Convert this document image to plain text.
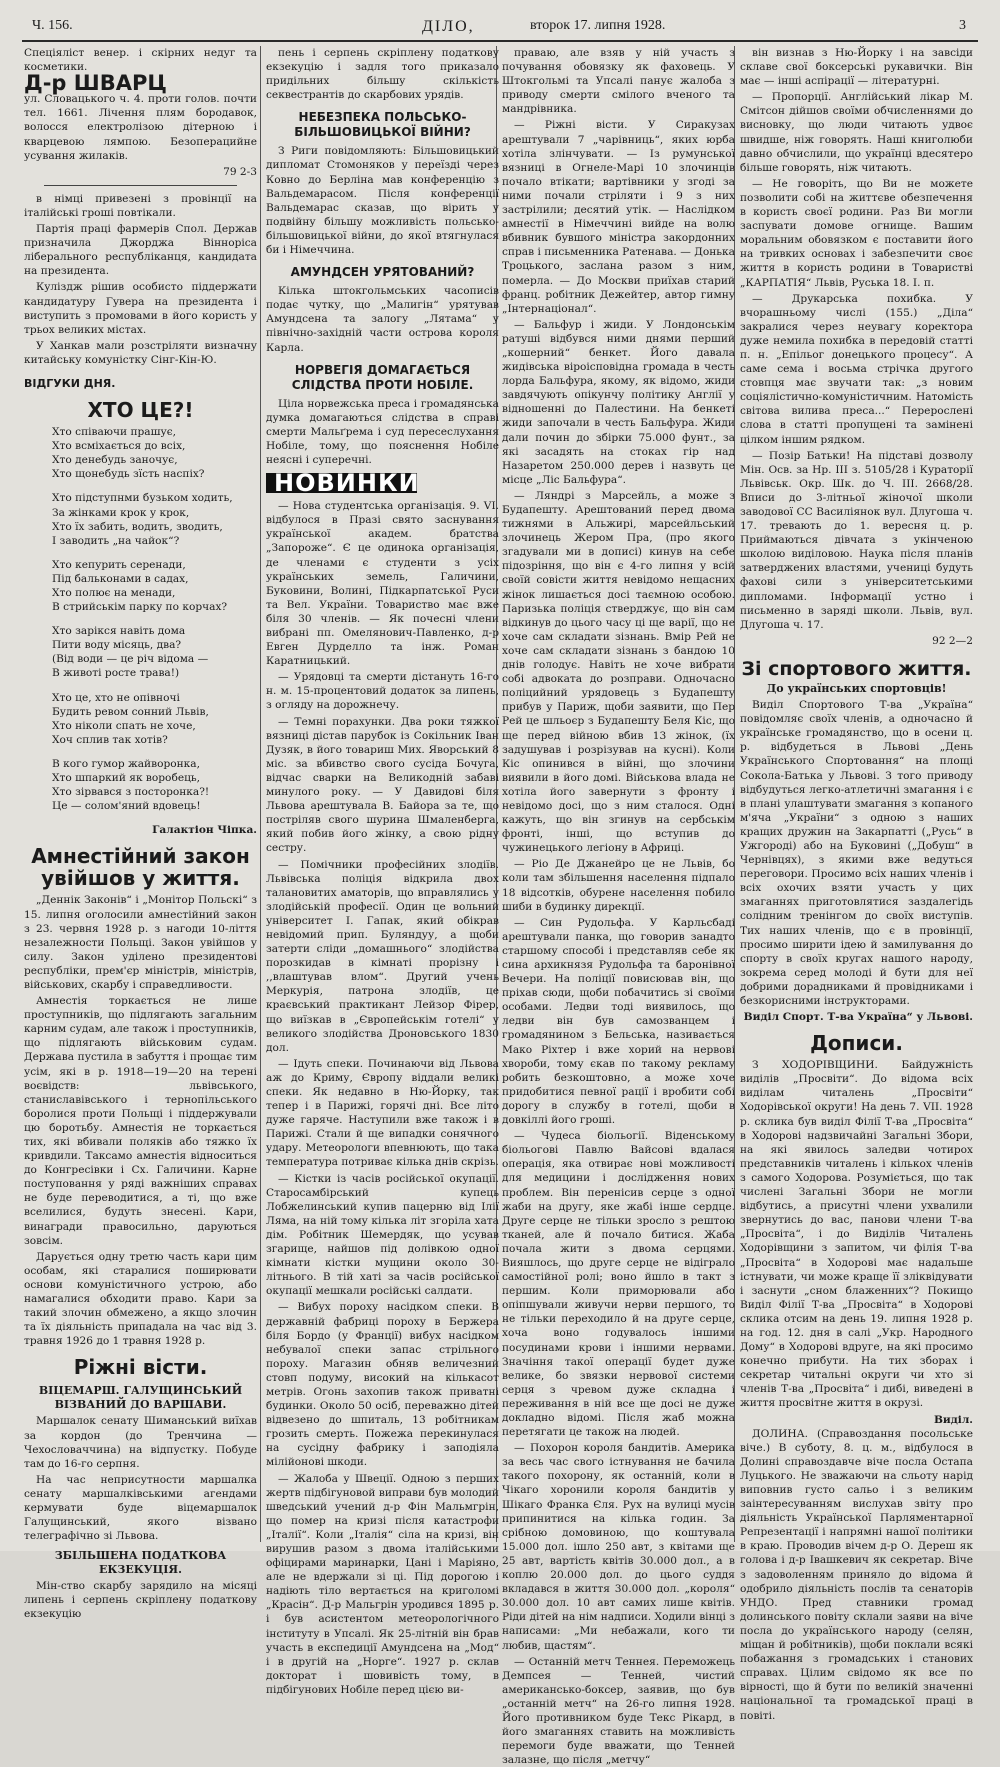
Ч. 156.	ДІЛО,	второк 17. липня 1928.	3

Спеціяліст венер. і скірних недуг та косметики.

Д-р ШВАРЦ

ул. Словацького ч. 4. проти голов. почти тел. 1661. Лічення плям бородавок, волосся електролізою дітерною і кварцевою лямпою. Безоперацийне усування жилаків.

79 2-3

в німці привезені з провінції на італійські гроші повтікали.

Партія праці фармерів Спол. Держав призначила Джорджа Вінноріса ліберального республіканця, кандидата на президента.

Куліздж рішив особисто піддержати кандидатуру Гувера на президента і виступить з промовами в його користь у трьох великих містах.

У Ханкав мали розстріляти визначну китайську комуністку Сінг-Кін-Ю.

ВІДГУКИ ДНЯ.
ХТО ЦЕ?!
Хто співаючи прашує,
Хто всміхається до всіх,
Хто денебудь заночує,
Хто щонебудь зїсть наспіх?
Хто підступнми бузьком ходить,
За жінками крок у крок,
Хто їх забить, водить, зводить,
І заводить „на чайок“?
Хто кепурить серенади,
Під бальконами в садах,
Хто полює на менади,
В стрийськім парку по корчах?
Хто зарікся навіть дома
Пити воду місяць, два?
(Від води — це річ відома —
В животі росте трава!)
Хто це, хто не опівночі
Будить ревом сонний Львів,
Хто ніколи спать не хоче,
Хоч сплив так хотів?
В кого гумор жайворонка,
Хто шпаркий як воробець,
Хто зірвався з посторонка?!
Це — солом'яний вдовець!
Галактіон Чіпка.
Амнестійний закон увійшов у життя.

„Деннік Законів“ і „Монітор Польскі“ з 15. липня оголосили амнестійний закон з 23. червня 1928 р. з нагоди 10-ліття незалежности Польщі. Закон увійшов у силу. Закон уділено президентові республіки, прем'єр міністрів, міністрів, військових, скарбу і справедливости.

Амнестія торкається не лише проступників, що підлягають загальним карним судам, але також і проступників, що підлягають військовим судам. Держава пустила в забуття і прощає тим усім, які в р. 1918—19—20 на терені воєвідств: львівського, станиславівського і тернопільського боролися проти Польщі і піддержували цю боротьбу. Амнестія не торкається тих, які вбивали поляків або тяжко їх кривдили. Таксамо амнестія відноситься до Конгресівки і Сх. Галичини. Карне поступовання у ряді важніших справах не буде переводитися, а ті, що вже вселилися, будуть знесені. Кари, винагради правосильно, даруються зовсім.

Дарується одну третю часть кари цим особам, які старалися поширювати основи комуністичного устрою, або намагалися обходити право. Кари за такий злочин обмежено, а якщо злочин та їх діяльність припадала на час від 3. травня 1926 до 1 травня 1928 р.

Ріжні вісти.
ВІЦЕМАРШ. ГАЛУЩИНСЬКИЙ ВІЗВАНИЙ ДО ВАРШАВИ.

Маршалок сенату Шиманський виїхав за кордон (до Тренчина — Чехословаччина) на відпустку. Побуде там до 16-го серпня.

На час неприсутности маршалка сенату маршалківськими агендами кермувати буде віцемаршалок Галущинський, якого візвано телеграфічно зі Львова.

ЗБІЛЬШЕНА ПОДАТКОВА ЕКЗЕКУЦІЯ.

Мін-ство скарбу зарядило на місяці липень і серпень скріплену податкову екзекуцію

пень і серпень скріплену податкову екзекуцію і задля того приказало придільних більшу скількість секвестрантів до скарбових урядів.

НЕБЕЗПЕКА ПОЛЬСЬКО-БІЛЬШОВИЦЬКОЇ ВІЙНИ?

З Риги повідомляють: Більшовицький дипломат Стомоняков у переїзді через Ковно до Берліна мав конференцію з Вальдемарасом. Після конференції Вальдемарас сказав, що вірить у подвійну більшу можливість польсько-більшовицької війни, до якої втягнулася би і Німеччина.

АМУНДСЕН УРЯТОВАНИЙ?

Кілька штокгольмських часописів подає чутку, що „Малигін“ урятував Амундсена та залогу „Лятама“ у північно-західній части острова короля Карла.

НОРВЕГІЯ ДОМАГАЄТЬСЯ СЛІДСТВА ПРОТИ НОБІЛЕ.

Ціла норвежська преса і громадянська думка домагаються слідства в справі смерти Мальґрема і суд пересеслухання Нобіле, тому, що пояснення Нобіле неясні і суперечні.

НОВИНКИ

— Нова студентська організація. 9. VI. відбулося в Празі свято заснування української академ. братства „Запороже“. Є це одинока організація, де членами є студенти з усіх українських земель, Галичини, Буковини, Волині, Підкарпатської Руси та Вел. України. Товариство має вже біля 30 членів. — Як почесні члени вибрані пп. Омелянович-Павленко, д-р Евген Дурделло та інж. Роман Каратницький.

— Урядовці та смерти дістануть 16-го н. м. 15-процентовий додаток за липень, з огляду на дорожнечу.

— Темні порахунки. Два роки тяжкої вязниці дістав парубок із Сокільник Іван Дузяк, в його товариш Мих. Яворський 8 міс. за вбивство свого сусіда Бочуга, відчас сварки на Великодній забаві минулого року. — У Давидові біля Львова арештувала В. Байора за те, що постріляв свого шурина Шмаленберга, який побив його жінку, а свою рідну сестру.

— Помічники професійних злодіїв. Львівська поліція відкрила двох талановитих аматорів, що вправлялись у злодійській професії. Один це вольний університет І. Гапак, який обікрав невідомий прип. Буляндуу, а щоби затерти сліди „домашнього“ злодійства порозкидав в кімнаті прорізну і ,,влаштував влом“. Другий учень Меркурія, патрона злодіїв, це краєвський практикант Лейзор Фірер, що виїзкав в „Європейськім готелі“ у великого злодійства Дроновського 1830 дол.

— Ідуть спеки. Починаючи від Львова аж до Криму, Європу віддали великі спеки. Як недавно в Ню-Йорку, так тепер і в Парижі, горячі дні. Все літо дуже гаряче. Наступили вже також і в Парижі. Стали й ще випадки сонячного удару. Метеорологи впевнюють, що така температура потриває кілька днів скрізь.

— Кістки із часів російської окупації. Старосамбірський купець Лобжелинський купив пацерню від Ілії Ляма, на ній тому кілька літ згоріла хата дім. Робітник Шемердяк, що усував згарище, найшов під долівкою одної кімнати кістки мущини около 30-літнього. В тій хаті за часів російської окупації мешкали російські салдати.

— Вибух пороху насідком спеки. В державній фабриці пороху в Бержера біля Бордо (у Франції) вибух насідком небувалої спеки запас стрільного пороху. Магазин обняв величезний стовп подуму, високий на кількасот метрів. Огонь захопив також приватні будинки. Около 50 осіб, переважно дітей відвезено до шпиталь, 13 робітникам грозить смерть. Пожежа перекинулася на сусідну фабрику і заподіяла мілійонові шкоди.

— Жалоба у Швеції. Одною з перших жертв підбігуновой виправи був молодий шведський учений д-р Фін Мальмгрін, що помер на кризі після катастрофи „Італії“. Коли „Італія“ сіла на кризі, він вирушив разом з двома італійськими офіцирами маринарки, Цані і Маріяно, але не вдержали зі ці. Під дорогою і надіють тіло вертається на криголомі „Красін“. Д-р Мальгрін уродився 1895 р. і був асистентом метеорологічного інституту в Упсалі. Як 25-літній він брав участь в експедиції Амундсена на „Мод“ і в другій на „Норге“. 1927 р. склав докторат і шовивість тому, в підбігунових Нобіле перед цією ви-

праваю, але взяв у ній участь з почування обовязку як фаховець. У Штокгольмі та Упсалі панує жалоба з приводу смерти смілого вченого та мандрівника.

— Ріжні вісти. У Сиракузах арештували 7 „чарівниць“, яких юрба хотіла злінчувати. — Із румунської вязниці в Огнеле-Марі 10 злочинців почало втікати; вартівники у згоді за ними почали стріляти і 9 з них застрілили; десятий утік. — Наслідком амнестії в Німеччині вийде на волю вбивник бувшого міністра закордонних справ і письменника Ратенава. — Донька Троцького, заслана разом з ним, померла. — До Москви приїхав старий франц. робітник Дежейтер, автор гимну „Інтернаціонал“.

— Бальфур і жиди. У Лондонськім ратуші відбувся ними днями перший „кошерний“ бенкет. Його давала жидівська віроісповідна громада в честь лорда Бальфура, якому, як відомо, жиди завдячують опікунчу політику Англії у відношенні до Палестини. На бенкеті жиди започали в честь Бальфура. Жиди дали почин до збірки 75.000 фунт., за які засадять на стоках гір над Назаретом 250.000 дерев і назвуть це місце „Ліс Бальфура“.

— Ляндрі з Марсейль, а може з Будапешту. Арештований перед двома тижнями в Альжирі, марсейльський злочинець Жером Пра, (про якого згадували ми в дописі) кинув на себе підозріння, що він є 4-го липня у всій своїй совісти життя невідомо нещасних жінок лишається досі таємною особою. Паризька поліція стверджує, що він сам відкинув до цього часу ці ще варії, що не хоче сам складати зізнань. Вмір Рей не хоче сам складати зізнань з бандою 10 днів голодує. Навіть не хоче вибрати собі адвоката до розправи. Одночасно поліцийний урядовець з Будапешту прибув у Париж, щоби заявити, що Пер Рей це шльоєр з Будапешту Беля Кіс, що ще перед війною вбив 13 жінок, (їх задушував і розрізував на кусні). Коли Кіс опинився в війні, що злочини виявили в його домі. Військова влада не хотіла його завернути з фронту і невідомо досі, що з ним сталося. Одні кажуть, що він згинув на сербськім фронті, інші, що вступив до чужинецького легіону в Африці.

— Ріо Де Джанейро це не Львів, бо коли там збільшення населення підпало 18 відсотків, обурене населення побило шиби в будинку дирекції.

— Син Рудольфа. У Карльсбаді арештували панка, що говорив занадто старшому способі і представляв себе як сина архикнязя Рудольфа та баронівної Вечери. На поліції повисював він, що пріхав сюди, щоби побачитись зі своїми особами. Ледви тоді виявилось, що ледви він був самозванцем і громадянином з Бельська, називається Мако Ріхтер і вже хорий на нервові хвороби, тому єкав по такому рекламу робить безкоштовно, а може хоче придобитися певної рації і вробити собі дорогу в службу в готелі, щоби в довкіллі його гроші.

— Чудеса біольогії. Віденському біольогові Павлю Вайсові вдалася операція, яка отвирає нові можливості для медицини і дослідження нових проблем. Він перенісив серце з одної жаби на другу, яке жабі інше сердце. Друге серце не тільки зросло з рештою тканей, але й почало битися. Жаба почала жити з двома серцями. Вияшлось, що друге серце не відіграло самостійної ролі; воно йшло в такт з першим. Коли приморювали або опіпшували живучи нерви першого, то не тільки переходило й на друге серце, хоча воно годувалось іншими посудинами крови і іншими нервами. Значіння такої операції будет дуже велике, бо звязки нервової системи серця з чревом дуже складна і переживання в ній все ще досі не дуже докладно відомі. Після жаб можна перетягати це також на людей.

— Похорон короля бандитів. Америка за весь час свого істнування не бачила такого похорону, як останній, коли в Чікаго хоронили короля бандитів у Шікаго Франка Єля. Рух на вулиці мусів припинитися на кілька годин. За срібною домовиною, що коштувала 15.000 дол. ішло 250 авт, з квітами ще 25 авт, вартість квітів 30.000 дол., а в коплю 20.000 дол. до цього суддя вкладався в життя 30.000 дол. „короля“ 30.000 дол. 10 авт самих лише квітів. Ріди дітей на нім надписи. Ходили вінці з написами: „Ми небажали, кого ти любив, щастям“.

— Останній метч Теннея. Переможець Демпсея — Тенней, чистий американсько-боксеp, заявив, що був „останній метч“ на 26-го липня 1928. Його противником буде Текс Рікард, в його змаганнях ставить на можливість перемоги буде вважати, що Тенней залазне, що після „метчу“

він визнав з Ню-Йорку і на завсіди склаве свої боксерські рукавички. Він має — інші аспірації — літературні.

— Пропорції. Англійський лікар М. Смітсон дійшов своїми обчисленнями до висновку, що люди читають удвоє швидше, ніж говорять. Наші книголюби давно обчислили, що українці вдесятеро більше говорять, ніж читають.

— Не говоріть, що Ви не можете позволити собі на життєве обезпечення в користь своєї родини. Раз Ви могли заспувати домове огнище. Вашим моральним обовязком є поставити його на тривких основах і забезпечити своє життя в користь родини в Товаристві „КАРПАТІЯ“ Львів, Руська 18. І. п.

— Друкарська похибка. У вчорашньому числі (155.) „Діла“ закралися через неувагу коректора дуже немила похибка в передовій статті п. н. „Епільог донецького процесу“. А саме сема і восьма стрічка другого стовпця має звучати так: „з новим соціялістично-комуністичним. Натомість світова вилива преса...“ Перерослені слова в статті пропущені та замінені цілком іншим рядком.

— Позір Батьки! На підставі дозволу Мін. Осв. за Нр. ІІІ з. 5105/28 і Кураторії Львівськ. Окр. Шк. до Ч. ІІІ. 2668/28. Вписи до 3-літньої жіночої школи заводової СС Василіянок вул. Длугоша ч. 17. тревають до 1. вересня ц. р. Приймаються дівчата з укінченою школою виділовою. Наука після планів затверджених властями, учениці будуть фахові сили з університетськими дипломами. Інформації устно і письменно в заряді школи. Львів, вул. Длугоша ч. 17.

92 2—2

Зі спортового життя.
До українських спортовців!

Виділ Спортового Т-ва „Україна“ повідомляє своїх членів, а одночасно й українське громадянство, що в осени ц. р. відбудеться в Львові „День Українського Спортовання“ на площі Сокола-Батька у Львові. З того приводу відбудуться легко-атлетичні змагання і є в плані улаштувати змагання з копаного м'яча „України“ з одною з наших кращих дружин на Закарпатті („Русь“ в Ужгороді) або на Буковині („Добуш“ в Чернівцях), з якими вже ведуться переговори. Просимо всіх наших членів і всіх охочих взяти участь у цих змаганнях приготовлятися заздалегідь солідним тренінгом до своїх виступів. Тих наших членів, що є в провінції, просимо ширити ідею й замилування до спорту в своїх кругах нашого народу, зокрема серед молоді й бути для неї добрими дорадниками й провідниками і безкорисними інструкторами.

Виділ Спорт. Т-ва Україна“ у Львові.
Дописи.

З ХОДОРІВЩИНИ. Байдужність виділів „Просвіти“. До відома всіх виділам читалень „Просвіти“ Ходорівської округи! На день 7. VII. 1928 р. склика був виділ Філії Т-ва „Просвіта“ в Ходорові надзвичайні Загальні Збори, на які явилось заледви чотирох представників читалень і кількох членів з самого Ходорова. Розуміється, що так числені Загальні Збори не могли відбутись, а присутні члени ухвалили звернутись до вас, панови члени Т-ва „Просвіта“, і до Виділів Читалень Ходорівщини з запитом, чи філія Т-ва „Просвіта“ в Ходорові має надальше істнувати, чи може краще її зліквідувати і заснути „сном блаженних“? Покищо Виділ Філії Т-ва „Просвіта“ в Ходорові склика отсим на день 19. липня 1928 р. на год. 12. дня в салі „Укр. Народного Дому“ в Ходорові вдруге, на які просимо конечно прибути. На тих зборах і секретар читальні округи чи хто зі членів Т-ва „Просвіта“ і дибі, виведені в життя просвітне життя в окрузі.

Виділ.

ДОЛИНА. (Справоздання посольське віче.) В суботу, 8. ц. м., відбулося в Долині справоздавче віче посла Остапа Луцького. Не зважаючи на сльоту нарід виповнив густо сальо і з великим заінтересуванням вислухав звіту про діяльність Української Парляментарної Репрезентації і напрямні нашої політики в краю. Проводив вічем д-р О. Дереш як голова і д-р Івашкевич як секретар. Віче з задоволенням приняло до відома й одобрило діяльність послів та сенаторів УНДО. Пред ставники громад долинського повіту склали заяви на віче посла до українського народу (селян, міщан й робітників), щоби поклали всякі побажання з громадських і станових справах. Цілим свідомо як все по вірності, що й бути по великій значенні національної та громадської праці в повіті.
